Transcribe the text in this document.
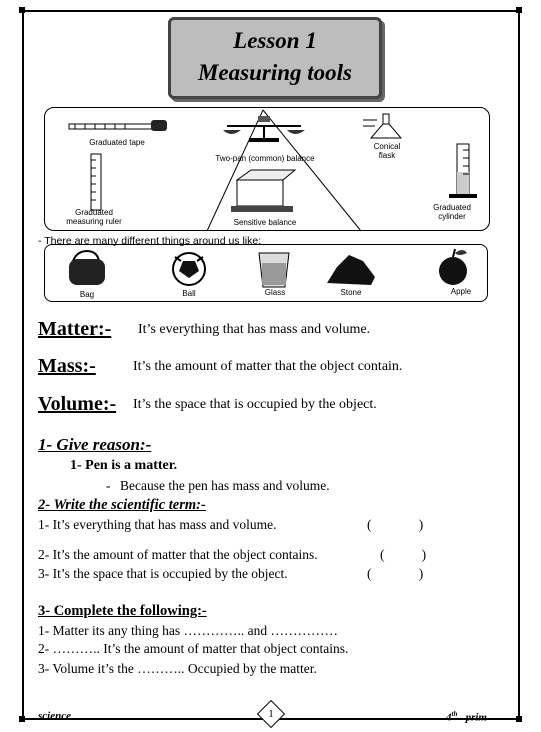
Lesson 1
Measuring tools
Graduated tape
Two-pan (common) balance
Conical
flask
Graduated
measuring ruler	Sensitive balance
Graduated
cylinder
- There are many different things around us like:
Bag	Ball	Glass	Stone	Apple
Matter:- It’s everything that has mass and volume.
Mass:-	It’s the amount of matter that the object contain.
Volume:- It’s the space that is occupied by the object.
1- Give reason:-
1- Pen is a matter.
- Because the pen has mass and volume.
2- Write the scientific term:-
1- It’s everything that has mass and volume.	(              )
2- It’s the amount of matter that the object contains.	(           )
3- It’s the space that is occupied by the object.	(              )
3- Complete the following:-
1- Matter its any thing has ………….. and ……………
2- ……….. It’s the amount of matter that object contains.
3- Volume it’s the ……….. Occupied by the matter.
science	1	4th prim
